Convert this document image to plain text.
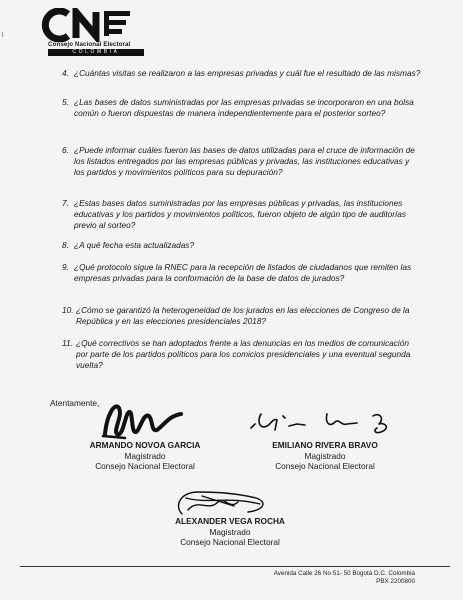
╷
Consejo Nacional Electoral
COLOMBIA
4. ¿Cuántas visitas se realizaron a las empresas privadas y cuál fue el resultado de las mismas?
5. ¿Las bases de datos suministradas por las empresas privadas se incorporaron en una bolsa común o fueron dispuestas de manera independientemente para el posterior sorteo?
6. ¿Puede informar cuáles fueron las bases de datos utilizadas para el cruce de información de los listados entregados por las empresas públicas y privadas, las instituciones educativas y los partidos y movimientos políticos para su depuración?
7. ¿Estas bases datos suministradas por las empresas públicas y privadas, las instituciones educativas y los partidos y movimientos políticos, fueron objeto de algún tipo de auditorías previo al sorteo?
8. ¿A qué fecha esta actualizadas?
9. ¿Qué protocolo sigue la RNEC para la recepción de listados de ciudadanos que remiten las empresas privadas para la conformación de la base de datos de jurados?
10. ¿Cómo se garantizó la heterogeneidad de los jurados en las elecciones de Congreso de la República y en las elecciones presidenciales 2018?
11. ¿Qué correctivos se han adoptados frente a las denuncias en los medios de comunicación por parte de los partidos políticos para los comicios presidenciales y una eventual segunda vuelta?
Atentamente,
ARMANDO NOVOA GARCIA
Magistrado
Consejo Nacional Electoral
EMILIANO RIVERA BRAVO
Magistrado
Consejo Nacional Electoral
ALEXANDER VEGA ROCHA
Magistrado
Consejo Nacional Electoral
Avenida Calle 26 No 51- 50 Bogotá D.C. Colombia
PBX 2200800
